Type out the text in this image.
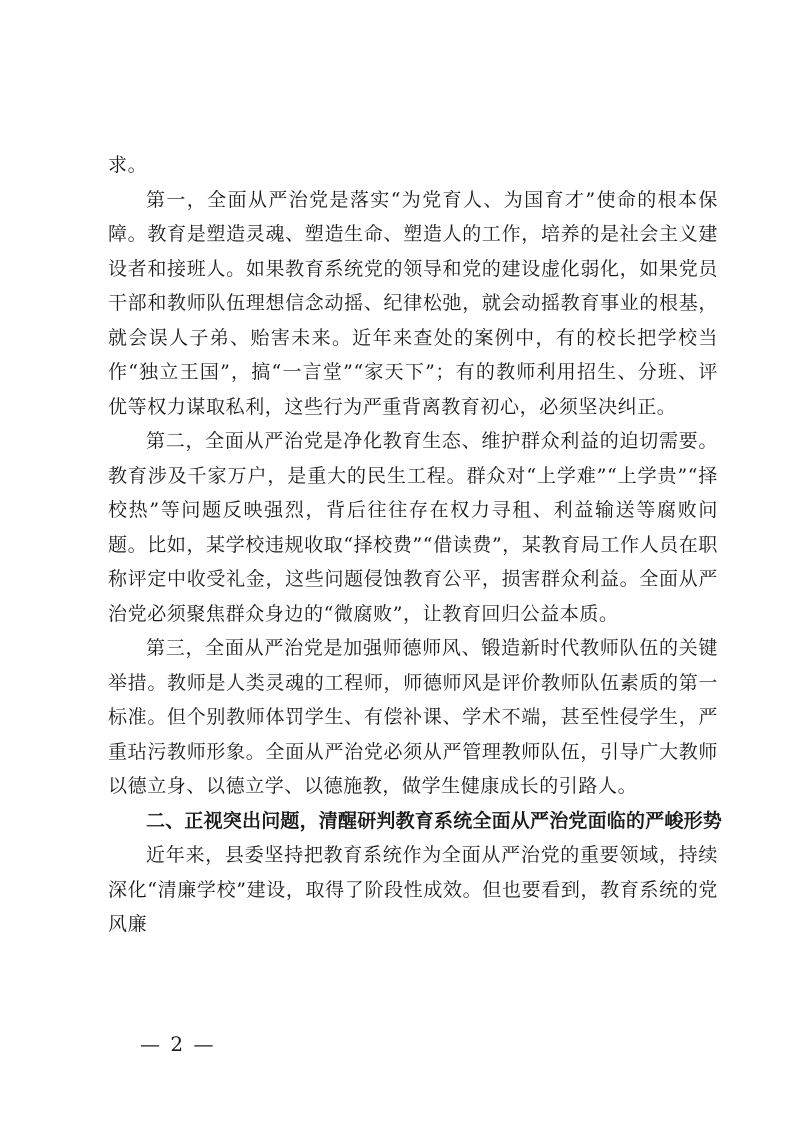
求。

第一，全面从严治党是落实“为党育人、为国育才”使命的根本保障。教育是塑造灵魂、塑造生命、塑造人的工作，培养的是社会主义建设者和接班人。如果教育系统党的领导和党的建设虚化弱化，如果党员干部和教师队伍理想信念动摇、纪律松弛，就会动摇教育事业的根基，就会误人子弟、贻害未来。近年来查处的案例中，有的校长把学校当作“独立王国”，搞“一言堂”“家天下”；有的教师利用招生、分班、评优等权力谋取私利，这些行为严重背离教育初心，必须坚决纠正。

第二，全面从严治党是净化教育生态、维护群众利益的迫切需要。教育涉及千家万户，是重大的民生工程。群众对“上学难”“上学贵”“择校热”等问题反映强烈，背后往往存在权力寻租、利益输送等腐败问题。比如，某学校违规收取“择校费”“借读费”，某教育局工作人员在职称评定中收受礼金，这些问题侵蚀教育公平，损害群众利益。全面从严治党必须聚焦群众身边的“微腐败”，让教育回归公益本质。

第三，全面从严治党是加强师德师风、锻造新时代教师队伍的关键举措。教师是人类灵魂的工程师，师德师风是评价教师队伍素质的第一标准。但个别教师体罚学生、有偿补课、学术不端，甚至性侵学生，严重玷污教师形象。全面从严治党必须从严管理教师队伍，引导广大教师以德立身、以德立学、以德施教，做学生健康成长的引路人。

二、正视突出问题，清醒研判教育系统全面从严治党面临的严峻形势

近年来，县委坚持把教育系统作为全面从严治党的重要领域，持续深化“清廉学校”建设，取得了阶段性成效。但也要看到，教育系统的党风廉

— 2 —
